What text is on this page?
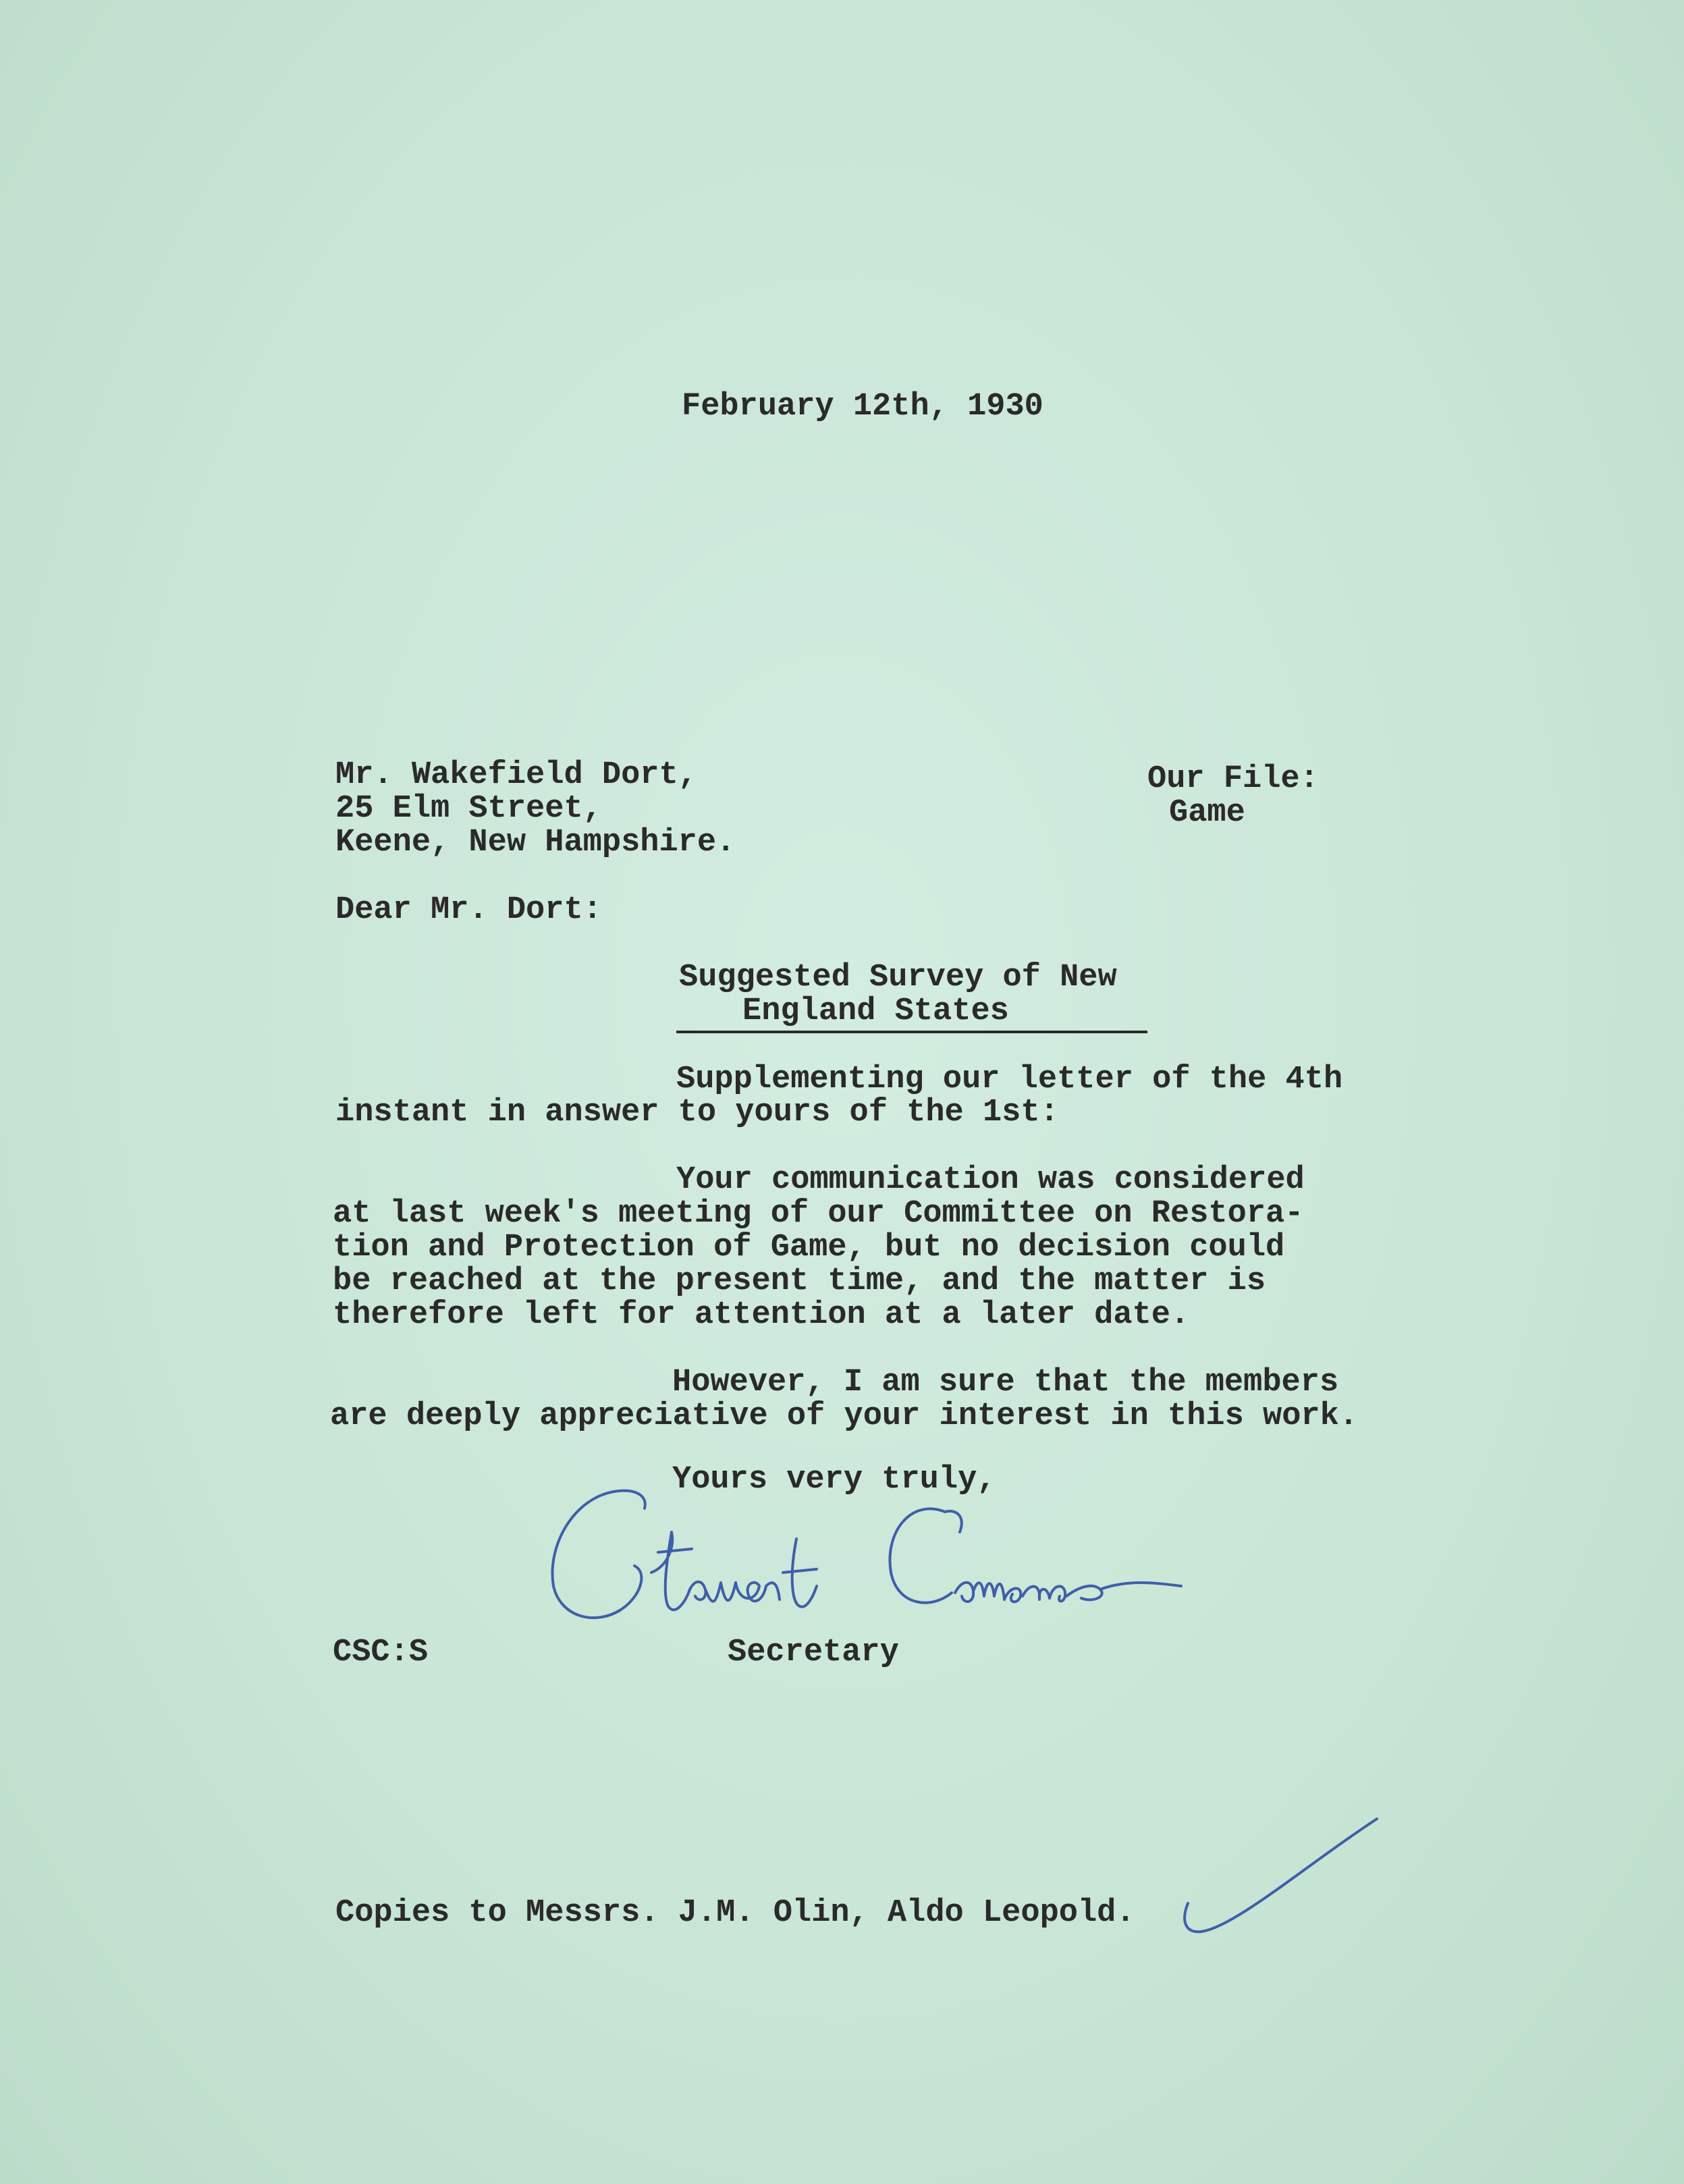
February 12th, 1930
Mr. Wakefield Dort,
25 Elm Street,
Keene, New Hampshire.
Our File:
Game
Dear Mr. Dort:
Suggested Survey of New
England States
Supplementing our letter of the 4th
instant in answer to yours of the 1st:
Your communication was considered
at last week's meeting of our Committee on Restora-
tion and Protection of Game, but no decision could
be reached at the present time, and the matter is
therefore left for attention at a later date.
However, I am sure that the members
are deeply appreciative of your interest in this work.
Yours very truly,
CSC:S	Secretary
Copies to Messrs. J.M. Olin, Aldo Leopold.
